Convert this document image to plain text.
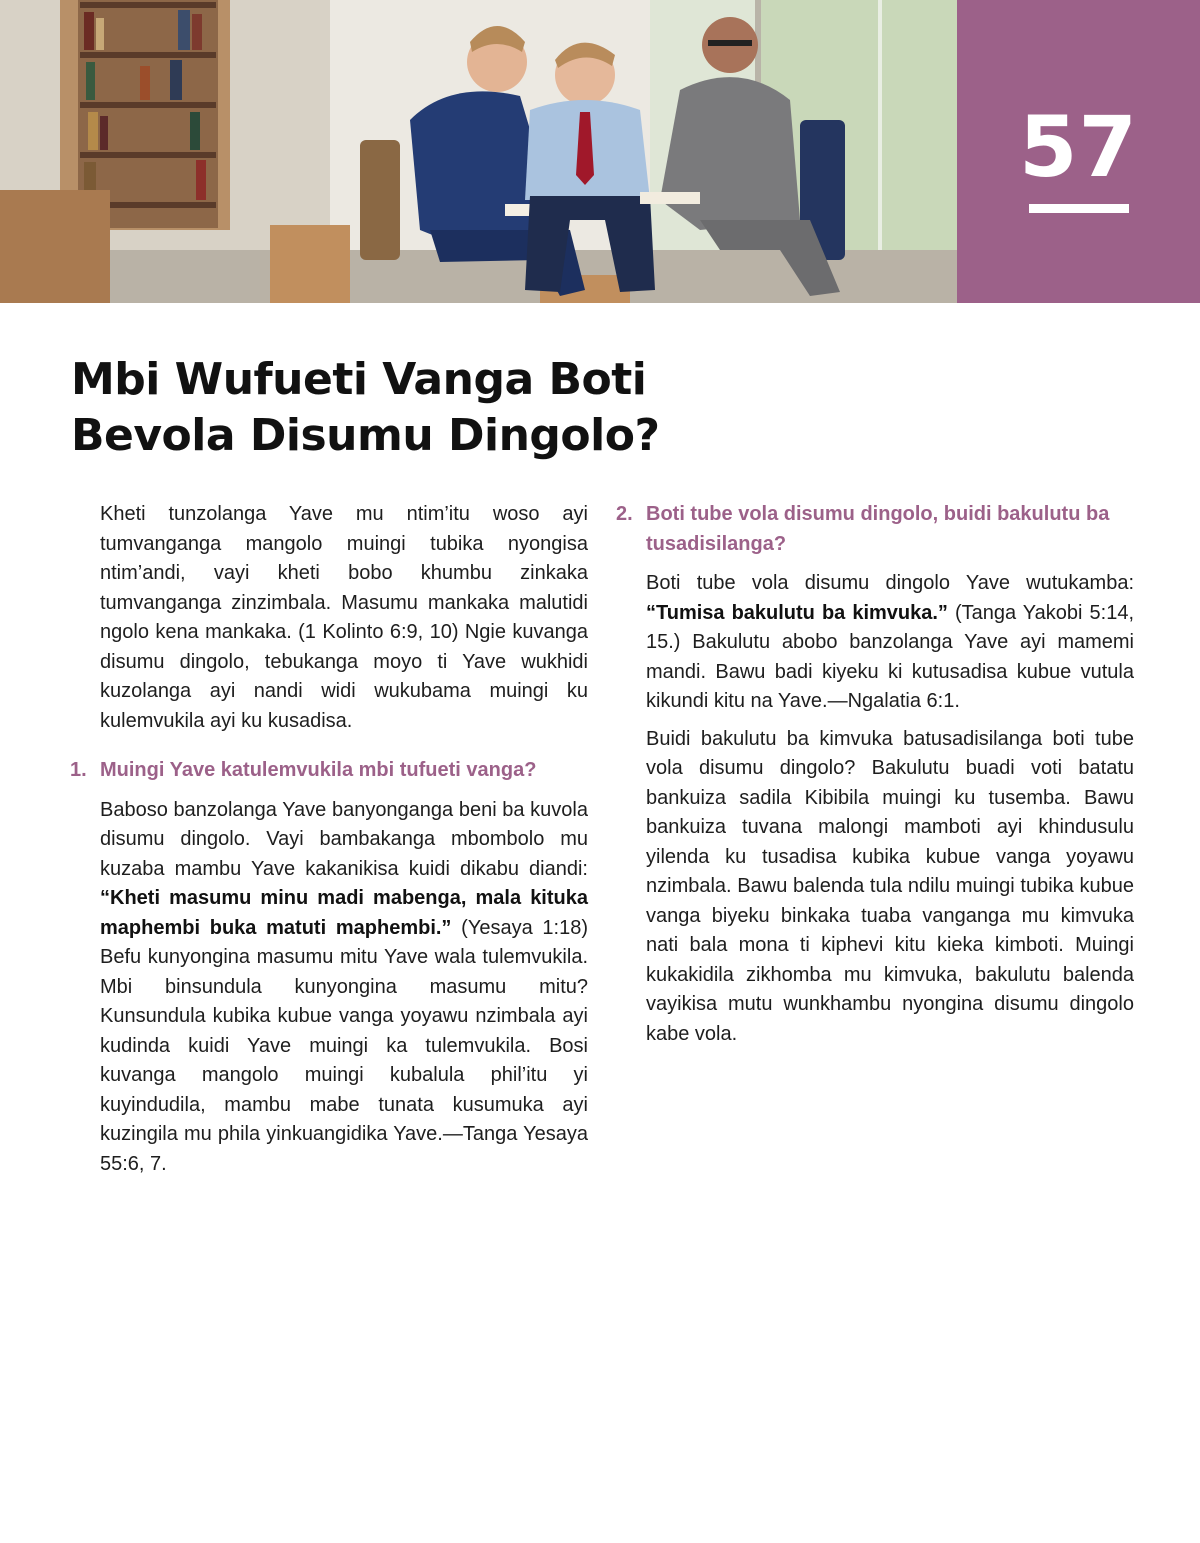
57
Mbi Wufueti Vanga Boti
Bevola Disumu Dingolo?

Kheti tunzolanga Yave mu ntim’itu woso ayi tumvanganga mangolo muingi tubika nyongisa ntim’andi, vayi kheti bobo khumbu zinkaka tumvanganga zinzimbala. Masumu mankaka malutidi ngolo kena mankaka. (1 Kolinto 6:9, 10) Ngie kuvanga disumu dingolo, tebukanga moyo ti Yave wukhidi kuzolanga ayi nandi widi wukubama muingi ku kulemvukila ayi ku kusadisa.

1. Muingi Yave katulemvukila mbi tufueti vanga?

Baboso banzolanga Yave banyonganga beni ba kuvola disumu dingolo. Vayi bambakanga mbombolo mu kuzaba mambu Yave kakanikisa kuidi dikabu diandi: “Kheti masumu minu madi mabenga, mala kituka maphembi buka matuti maphembi.” (Yesaya 1:18) Befu kunyongina masumu mitu Yave wala tulemvukila. Mbi binsundula kunyongina masumu mitu? Kunsundula kubika kubue vanga yoyawu nzimbala ayi kudinda kuidi Yave muingi ka tulemvukila. Bosi kuvanga mangolo muingi kubalula phil’itu yi kuyindudila, mambu mabe tunata kusumuka ayi kuzingila mu phila yinkuangidika Yave.—Tanga Yesaya 55:6, 7.

2. Boti tube vola disumu dingolo, buidi bakulutu ba tusadisilanga?

Boti tube vola disumu dingolo Yave wutukamba: “Tumisa bakulutu ba kimvuka.” (Tanga Yakobi 5:14, 15.) Bakulutu abobo banzolanga Yave ayi mamemi mandi. Bawu badi kiyeku ki kutusadisa kubue vutula kikundi kitu na Yave.—Ngalatia 6:1.

Buidi bakulutu ba kimvuka batusadisilanga boti tube vola disumu dingolo? Bakulutu buadi voti batatu bankuiza sadila Kibibila muingi ku tusemba. Bawu bankuiza tuvana malongi mamboti ayi khindusulu yilenda ku tusadisa kubika kubue vanga yoyawu nzimbala. Bawu balenda tula ndilu muingi tubika kubue vanga biyeku binkaka tuaba vanganga mu kimvuka nati bala mona ti kiphevi kitu kieka kimboti. Muingi kukakidila zikhomba mu kimvuka, bakulutu balenda vayikisa mutu wunkhambu nyongina disumu dingolo kabe vola.
